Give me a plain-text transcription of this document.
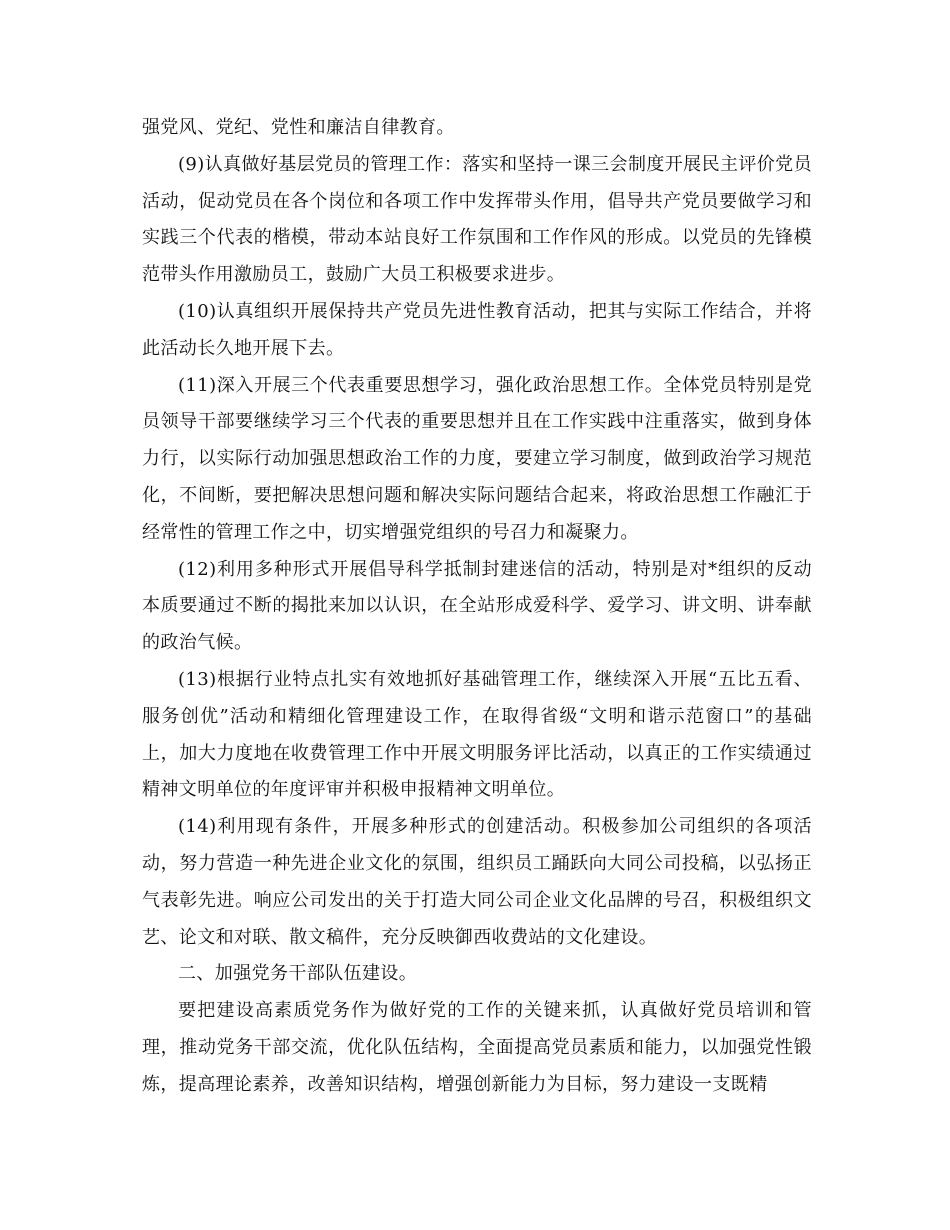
强党风、党纪、党性和廉洁自律教育。

(9)认真做好基层党员的管理工作：落实和坚持一课三会制度开展民主评价党员活动，促动党员在各个岗位和各项工作中发挥带头作用，倡导共产党员要做学习和实践三个代表的楷模，带动本站良好工作氛围和工作作风的形成。以党员的先锋模范带头作用激励员工，鼓励广大员工积极要求进步。

(10)认真组织开展保持共产党员先进性教育活动，把其与实际工作结合，并将此活动长久地开展下去。

(11)深入开展三个代表重要思想学习，强化政治思想工作。全体党员特别是党员领导干部要继续学习三个代表的重要思想并且在工作实践中注重落实，做到身体力行，以实际行动加强思想政治工作的力度，要建立学习制度，做到政治学习规范化，不间断，要把解决思想问题和解决实际问题结合起来，将政治思想工作融汇于经常性的管理工作之中，切实增强党组织的号召力和凝聚力。

(12)利用多种形式开展倡导科学抵制封建迷信的活动，特别是对*组织的反动本质要通过不断的揭批来加以认识，在全站形成爱科学、爱学习、讲文明、讲奉献的政治气候。

(13)根据行业特点扎实有效地抓好基础管理工作，继续深入开展“五比五看、服务创优”活动和精细化管理建设工作，在取得省级“文明和谐示范窗口”的基础上，加大力度地在收费管理工作中开展文明服务评比活动，以真正的工作实绩通过精神文明单位的年度评审并积极申报精神文明单位。

(14)利用现有条件，开展多种形式的创建活动。积极参加公司组织的各项活动，努力营造一种先进企业文化的氛围，组织员工踊跃向大同公司投稿，以弘扬正气表彰先进。响应公司发出的关于打造大同公司企业文化品牌的号召，积极组织文艺、论文和对联、散文稿件，充分反映御西收费站的文化建设。

二、加强党务干部队伍建设。

要把建设高素质党务作为做好党的工作的关键来抓，认真做好党员培训和管理，推动党务干部交流，优化队伍结构，全面提高党员素质和能力，以加强党性锻炼，提高理论素养，改善知识结构，增强创新能力为目标，努力建设一支既精
